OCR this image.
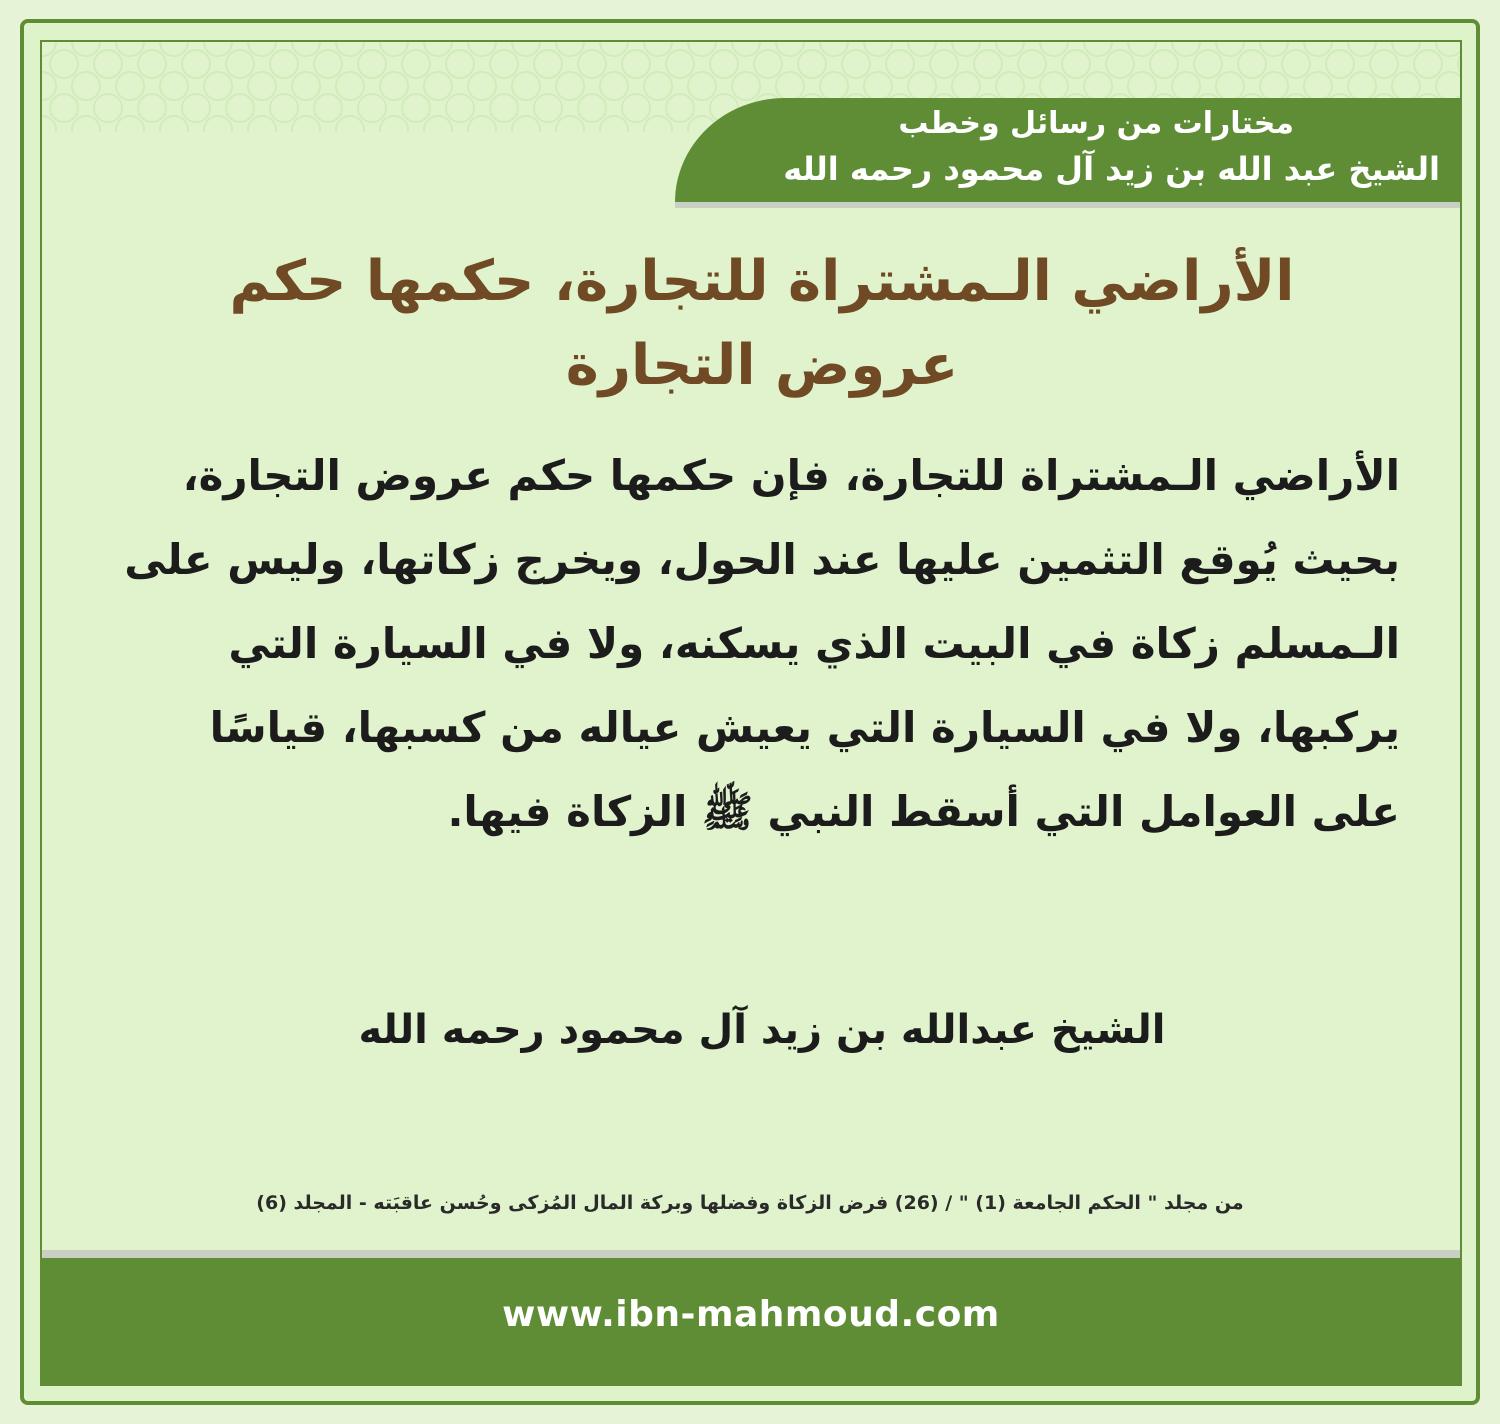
مختارات من رسائل وخطب
الشيخ عبد الله بن زيد آل محمود رحمه الله
الأراضي الـمشتراة للتجارة، حكمها حكم عروض التجارة
الأراضي الـمشتراة للتجارة، فإن حكمها حكم عروض التجارة، بحيث يُوقع التثمين عليها عند الحول، ويخرج زكاتها، وليس على الـمسلم زكاة في البيت الذي يسكنه، ولا في السيارة التي يركبها، ولا في السيارة التي يعيش عياله من كسبها، قياسًا على العوامل التي أسقط النبي ﷺ الزكاة فيها.
الشيخ عبدالله بن زيد آل محمود رحمه الله
من مجلد " الحكم الجامعة (1) " / (26) فرض الزكاة وفضلها وبركة المال المُزكى وحُسن عاقبَته - المجلد (6)
www.ibn-mahmoud.com
